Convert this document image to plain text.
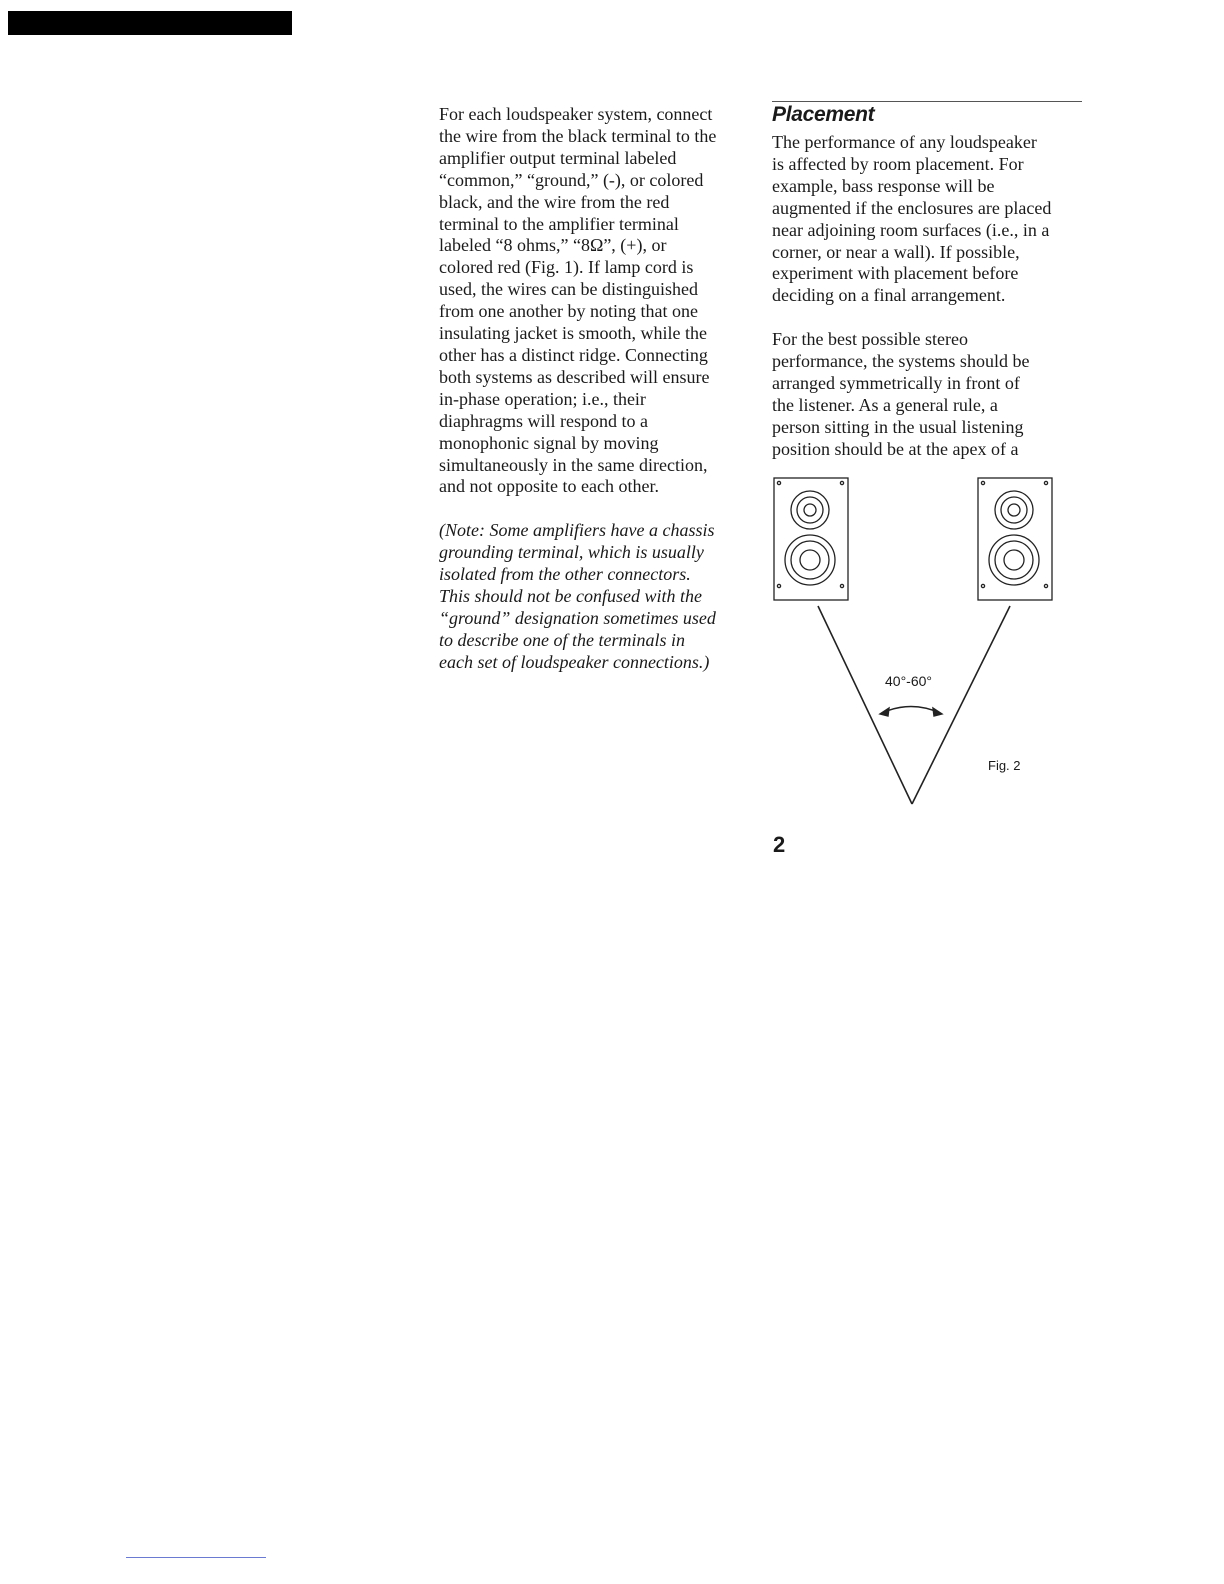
For each loudspeaker system, connect
the wire from the black terminal to the
amplifier output terminal labeled
“common,” “ground,” (-), or colored
black, and the wire from the red
terminal to the amplifier terminal
labeled “8 ohms,” “8Ω”, (+), or
colored red (Fig. 1). If lamp cord is
used, the wires can be distinguished
from one another by noting that one
insulating jacket is smooth, while the
other has a distinct ridge. Connecting
both systems as described will ensure
in-phase operation; i.e., their
diaphragms will respond to a
monophonic signal by moving
simultaneously in the same direction,
and not opposite to each other.

(Note: Some amplifiers have a chassis
grounding terminal, which is usually
isolated from the other connectors.
This should not be confused with the
“ground” designation sometimes used
to describe one of the terminals in
each set of loudspeaker connections.)

Placement

The performance of any loudspeaker
is affected by room placement. For
example, bass response will be
augmented if the enclosures are placed
near adjoining room surfaces (i.e., in a
corner, or near a wall). If possible,
experiment with placement before
deciding on a final arrangement.

For the best possible stereo
performance, the systems should be
arranged symmetrically in front of
the listener. As a general rule, a
person sitting in the usual listening
position should be at the apex of a

40°-60°
Fig. 2
2
